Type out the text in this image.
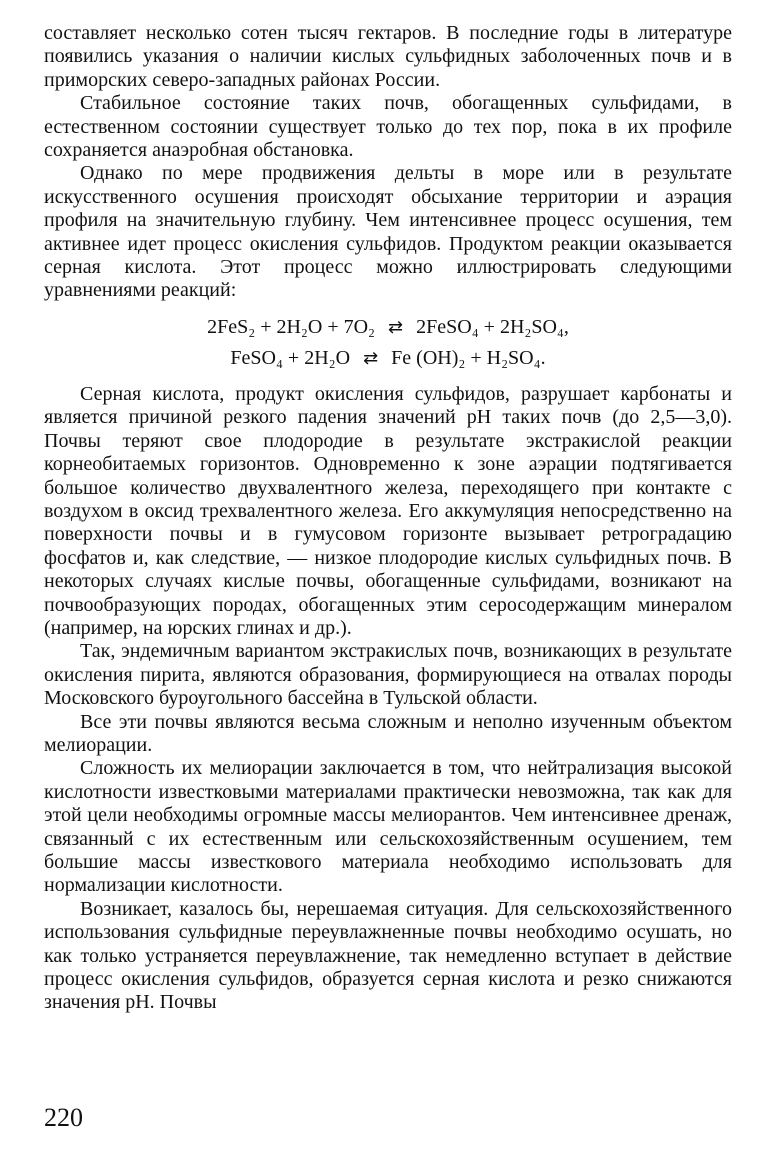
составляет несколько сотен тысяч гектаров. В последние годы в литературе появились указания о наличии кислых сульфидных заболоченных почв и в приморских северо-западных районах России.

Стабильное состояние таких почв, обогащенных сульфидами, в естественном состоянии существует только до тех пор, пока в их профиле сохраняется анаэробная обстановка.

Однако по мере продвижения дельты в море или в результате искусственного осушения происходят обсыхание территории и аэрация профиля на значительную глубину. Чем интенсивнее процесс осушения, тем активнее идет процесс окисления сульфидов. Продуктом реакции оказывается серная кислота. Этот процесс можно иллюстрировать следующими уравнениями реакций:

2FeS₂ + 2H₂O + 7O₂ ⇄ 2FeSO₄ + 2H₂SO₄,

FeSO₄ + 2H₂O ⇄ Fe (OH)₂ + H₂SO₄.

Серная кислота, продукт окисления сульфидов, разрушает карбонаты и является причиной резкого падения значений рН таких почв (до 2,5—3,0). Почвы теряют свое плодородие в результате экстракислой реакции корнеобитаемых горизонтов. Одновременно к зоне аэрации подтягивается большое количество двухвалентного железа, переходящего при контакте с воздухом в оксид трехвалентного железа. Его аккумуляция непосредственно на поверхности почвы и в гумусовом горизонте вызывает ретроградацию фосфатов и, как следствие, — низкое плодородие кислых сульфидных почв. В некоторых случаях кислые почвы, обогащенные сульфидами, возникают на почвообразующих породах, обогащенных этим серосодержащим минералом (например, на юрских глинах и др.).

Так, эндемичным вариантом экстракислых почв, возникающих в результате окисления пирита, являются образования, формирующиеся на отвалах породы Московского буроугольного бассейна в Тульской области.

Все эти почвы являются весьма сложным и неполно изученным объектом мелиорации.

Сложность их мелиорации заключается в том, что нейтрализация высокой кислотности известковыми материалами практически невозможна, так как для этой цели необходимы огромные массы мелиорантов. Чем интенсивнее дренаж, связанный с их естественным или сельскохозяйственным осушением, тем большие массы известкового материала необходимо использовать для нормализации кислотности.

Возникает, казалось бы, нерешаемая ситуация. Для сельскохозяйственного использования сульфидные переувлажненные почвы необходимо осушать, но как только устраняется переувлажнение, так немедленно вступает в действие процесс окисления сульфидов, образуется серная кислота и резко снижаются значения рН. Почвы

220
